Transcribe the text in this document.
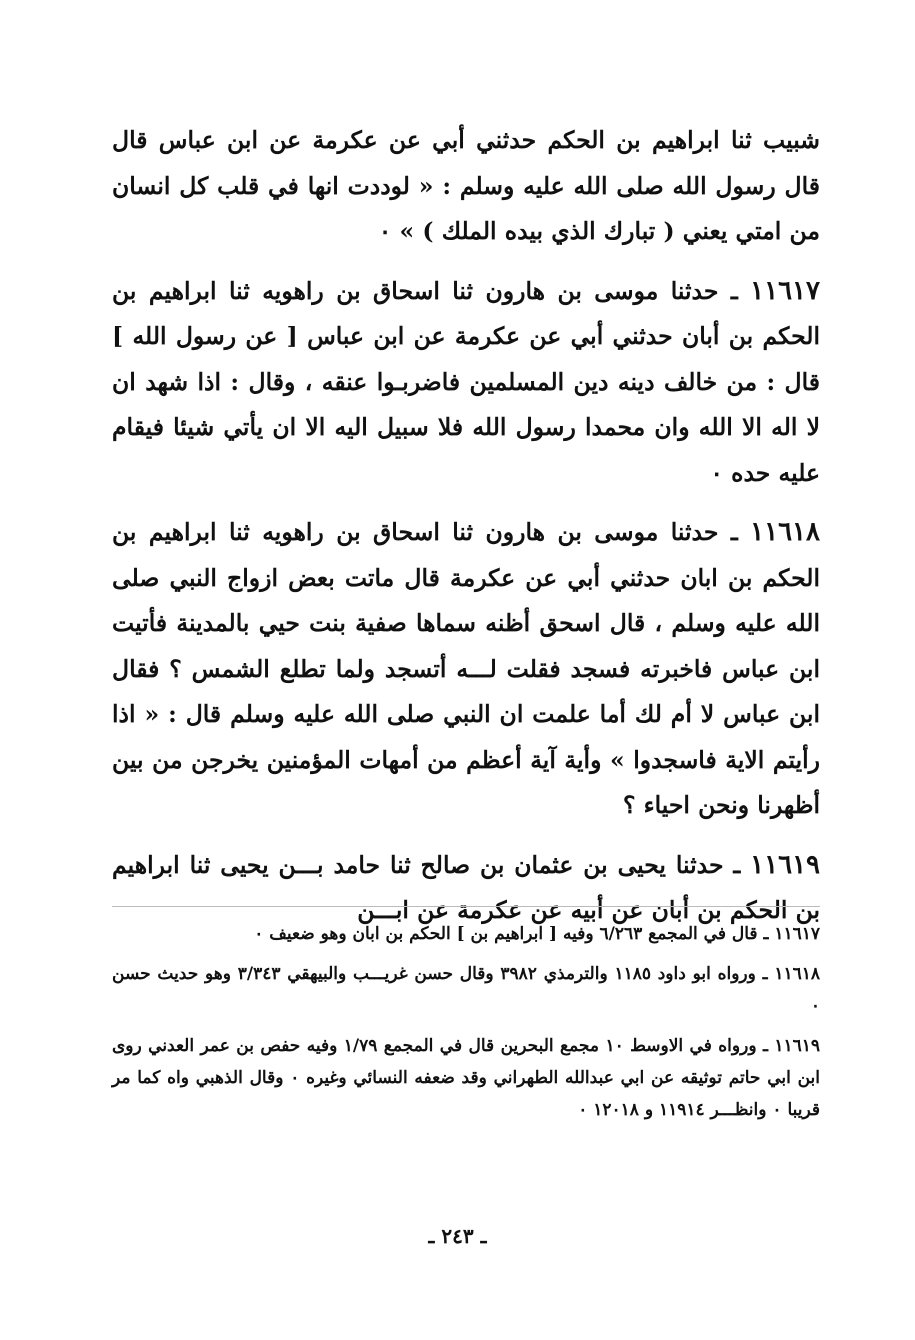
شبيب ثنا ابراهيم بن الحكم حدثني أبي عن عكرمة عن ابن عباس قال قال رسول الله صلى الله عليه وسلم : « لوددت انها في قلب كل انسان من امتي يعني ( تبارك الذي بيده الملك ) » ٠

١١٦١٧ ـ حدثنا موسى بن هارون ثنا اسحاق بن راهويه ثنا ابراهيم بن الحكم بن أبان حدثني أبي عن عكرمة عن ابن عباس [ عن رسول الله ] قال : من خالف دينه دين المسلمين فاضربـوا عنقه ، وقال : اذا شهد ان لا اله الا الله وان محمدا رسول الله فلا سبيل اليه الا ان يأتي شيئا فيقام عليه حده ٠

١١٦١٨ ـ حدثنا موسى بن هارون ثنا اسحاق بن راهويه ثنا ابراهيم بن الحكم بن ابان حدثني أبي عن عكرمة قال ماتت بعض ازواج النبي صلى الله عليه وسلم ، قال اسحق أظنه سماها صفية بنت حيي بالمدينة فأتيت ابن عباس فاخبرته فسجد فقلت لـــه أتسجد ولما تطلع الشمس ؟ فقال ابن عباس لا أم لك أما علمت ان النبي صلى الله عليه وسلم قال : « اذا رأيتم الاية فاسجدوا » وأية آية أعظم من أمهات المؤمنين يخرجن من بين أظهرنا ونحن احياء ؟

١١٦١٩ ـ حدثنا يحيى بن عثمان بن صالح ثنا حامد بـــن يحيى ثنا ابراهيم بن الحكم بن أبان عن أبيه عن عكرمة عن ابـــن

١١٦١٧ ـ قال في المجمع ٦/٢٦٣ وفيه [ ابراهيم بن ] الحكم بن ابان وهو ضعيف ٠

١١٦١٨ ـ ورواه ابو داود ١١٨٥ والترمذي ٣٩٨٢ وقال حسن غريـــب والبيهقي ٣/٣٤٣ وهو حديث حسن ٠

١١٦١٩ ـ ورواه في الاوسط ١٠ مجمع البحرين قال في المجمع ١/٧٩ وفيه حفص بن عمر العدني روى ابن ابي حاتم توثيقه عن ابي عبدالله الطهراني وقد ضعفه النسائي وغيره ٠ وقال الذهبي واه كما مر قريبا ٠ وانظـــر ١١٩١٤ و ١٢٠١٨ ٠

ـ ٢٤٣ ـ
